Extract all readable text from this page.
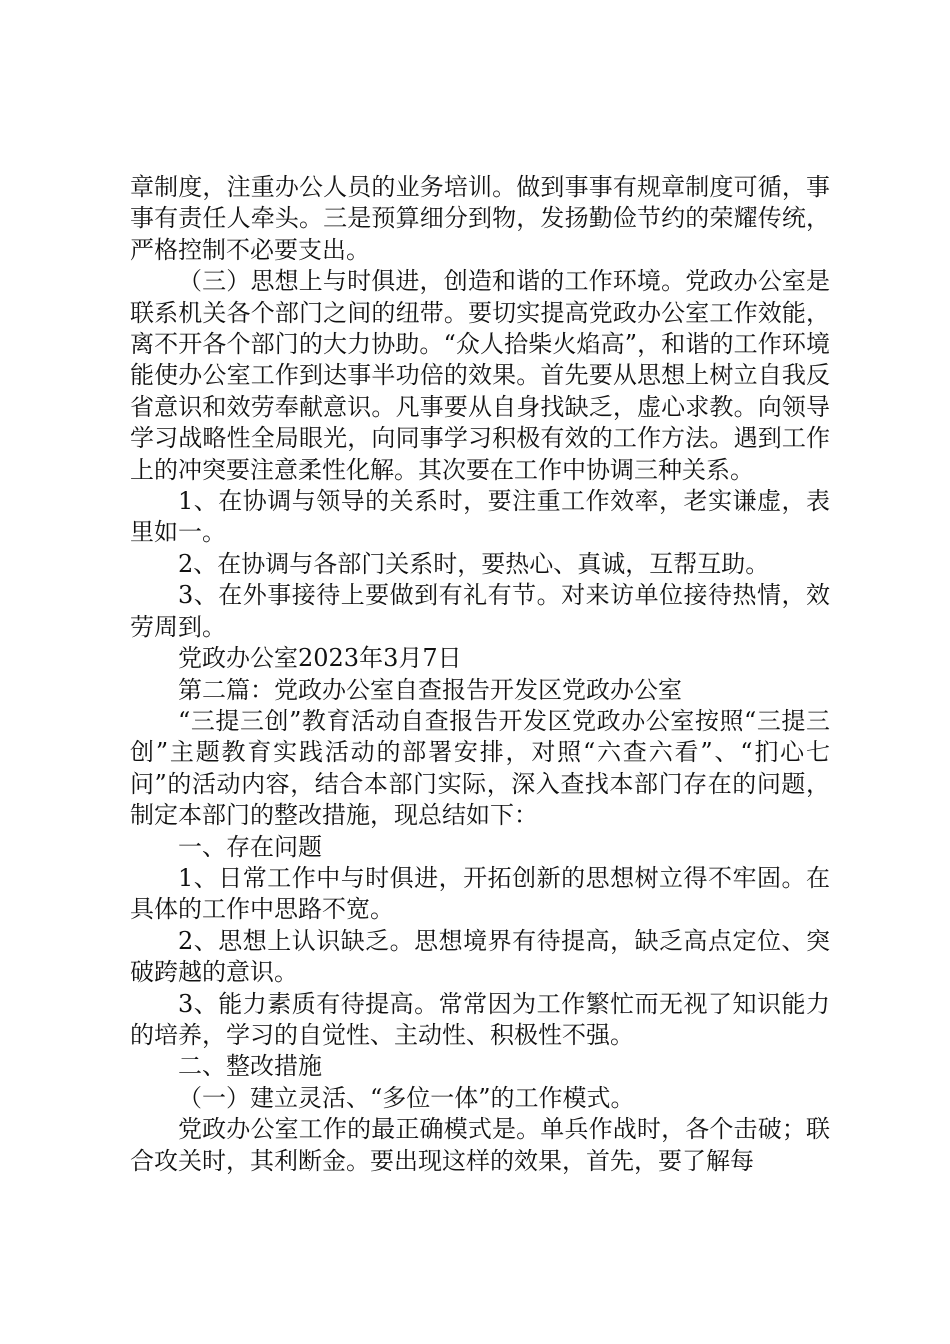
章制度，注重办公人员的业务培训。做到事事有规章制度可循，事事有责任人牵头。三是预算细分到物，发扬勤俭节约的荣耀传统，严格控制不必要支出。

（三）思想上与时俱进，创造和谐的工作环境。党政办公室是联系机关各个部门之间的纽带。要切实提高党政办公室工作效能，离不开各个部门的大力协助。“众人拾柴火焰高”，和谐的工作环境能使办公室工作到达事半功倍的效果。首先要从思想上树立自我反省意识和效劳奉献意识。凡事要从自身找缺乏，虚心求教。向领导学习战略性全局眼光，向同事学习积极有效的工作方法。遇到工作上的冲突要注意柔性化解。其次要在工作中协调三种关系。

1、在协调与领导的关系时，要注重工作效率，老实谦虚，表里如一。

2、在协调与各部门关系时，要热心、真诚，互帮互助。

3、在外事接待上要做到有礼有节。对来访单位接待热情，效劳周到。

党政办公室2023年3月7日

第二篇：党政办公室自查报告开发区党政办公室

“三提三创”教育活动自查报告开发区党政办公室按照“三提三创”主题教育实践活动的部署安排，对照“六查六看”、“扪心七问”的活动内容，结合本部门实际，深入查找本部门存在的问题，制定本部门的整改措施，现总结如下：

一、存在问题

1、日常工作中与时俱进，开拓创新的思想树立得不牢固。在具体的工作中思路不宽。

2、思想上认识缺乏。思想境界有待提高，缺乏高点定位、突破跨越的意识。

3、能力素质有待提高。常常因为工作繁忙而无视了知识能力的培养，学习的自觉性、主动性、积极性不强。

二、整改措施

（一）建立灵活、“多位一体”的工作模式。

党政办公室工作的最正确模式是。单兵作战时，各个击破；联合攻关时，其利断金。要出现这样的效果，首先，要了解每
